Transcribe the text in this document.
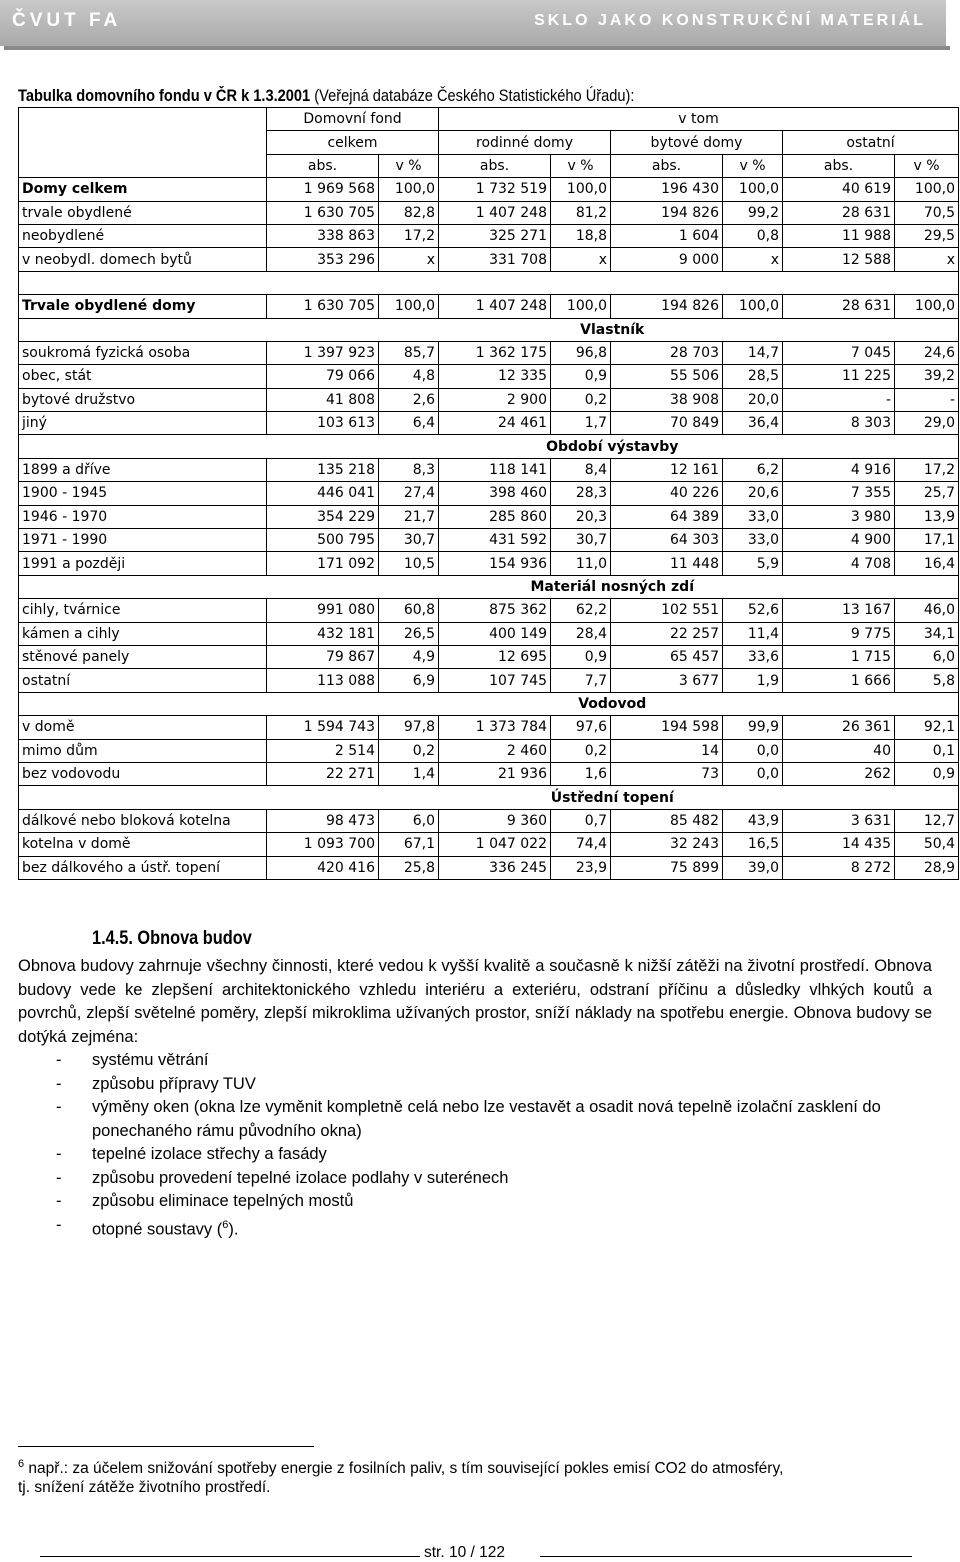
ČVUT FA	SKLO JAKO KONSTRUKČNÍ MATERIÁL
Tabulka domovního fondu v ČR k 1.3.2001 (Veřejná databáze Českého Statistického Úřadu):
	Domovní fond		v tom					
	celkem		rodinné domy		bytové domy		ostatní	
	abs.	v %	abs.	v %	abs.	v %	abs.	v %
Domy celkem	1 969 568	100,0	1 732 519	100,0	196 430	100,0	40 619	100,0
trvale obydlené	1 630 705	82,8	1 407 248	81,2	194 826	99,2	28 631	70,5
neobydlené	338 863	17,2	325 271	18,8	1 604	0,8	11 988	29,5
v neobydl. domech bytů	353 296	x	331 708	x	9 000	x	12 588	x

Trvale obydlené domy	1 630 705	100,0	1 407 248	100,0	194 826	100,0	28 631	100,0
	Vlastník							
soukromá fyzická osoba	1 397 923	85,7	1 362 175	96,8	28 703	14,7	7 045	24,6
obec, stát	79 066	4,8	12 335	0,9	55 506	28,5	11 225	39,2
bytové družstvo	41 808	2,6	2 900	0,2	38 908	20,0	-	-
jiný	103 613	6,4	24 461	1,7	70 849	36,4	8 303	29,0
	Období výstavby							
1899 a dříve	135 218	8,3	118 141	8,4	12 161	6,2	4 916	17,2
1900 - 1945	446 041	27,4	398 460	28,3	40 226	20,6	7 355	25,7
1946 - 1970	354 229	21,7	285 860	20,3	64 389	33,0	3 980	13,9
1971 - 1990	500 795	30,7	431 592	30,7	64 303	33,0	4 900	17,1
1991 a později	171 092	10,5	154 936	11,0	11 448	5,9	4 708	16,4
	Materiál nosných zdí							
cihly, tvárnice	991 080	60,8	875 362	62,2	102 551	52,6	13 167	46,0
kámen a cihly	432 181	26,5	400 149	28,4	22 257	11,4	9 775	34,1
stěnové panely	79 867	4,9	12 695	0,9	65 457	33,6	1 715	6,0
ostatní	113 088	6,9	107 745	7,7	3 677	1,9	1 666	5,8
	Vodovod							
v domě	1 594 743	97,8	1 373 784	97,6	194 598	99,9	26 361	92,1
mimo dům	2 514	0,2	2 460	0,2	14	0,0	40	0,1
bez vodovodu	22 271	1,4	21 936	1,6	73	0,0	262	0,9
	Ústřední topení							
dálkové nebo bloková kotelna	98 473	6,0	9 360	0,7	85 482	43,9	3 631	12,7
kotelna v domě	1 093 700	67,1	1 047 022	74,4	32 243	16,5	14 435	50,4
bez dálkového a ústř. topení	420 416	25,8	336 245	23,9	75 899	39,0	8 272	28,9
1.4.5. Obnova budov
Obnova budovy zahrnuje všechny činnosti, které vedou k vyšší kvalitě a současně k nižší zátěži na životní prostředí. Obnova budovy vede ke zlepšení architektonického vzhledu interiéru a exteriéru, odstraní příčinu a důsledky vlhkých koutů a povrchů, zlepší světelné poměry, zlepší mikroklima užívaných prostor, sníží náklady na spotřebu energie. Obnova budovy se dotýká zejména:
- systému větrání
- způsobu přípravy TUV
- výměny oken (okna lze vyměnit kompletně celá nebo lze vestavět a osadit nová tepelně izolační zasklení do ponechaného rámu původního okna)
- tepelné izolace střechy a fasády
- způsobu provedení tepelné izolace podlahy v suterénech
- způsobu eliminace tepelných mostů
- otopné soustavy ($^6$).
$^6$ např.: za účelem snižování spotřeby energie z fosilních paliv, s tím související pokles emisí CO2 do atmosféry,
tj. snížení zátěže životního prostředí.
str. 10 / 122
